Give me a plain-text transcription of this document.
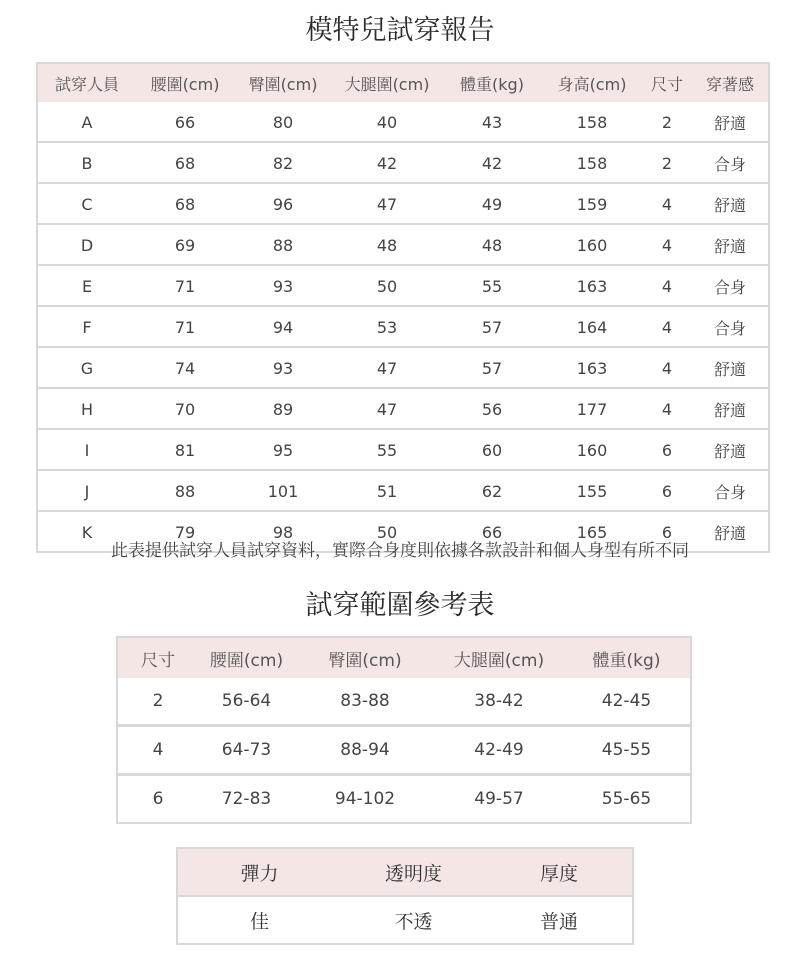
模特兒試穿報告
試穿人員	腰圍(cm)	臀圍(cm)	大腿圍(cm)	體重(kg)	身高(cm)	尺寸	穿著感
A	66	80	40	43	158	2	舒適
B	68	82	42	42	158	2	合身
C	68	96	47	49	159	4	舒適
D	69	88	48	48	160	4	舒適
E	71	93	50	55	163	4	合身
F	71	94	53	57	164	4	合身
G	74	93	47	57	163	4	舒適
H	70	89	47	56	177	4	舒適
I	81	95	55	60	160	6	舒適
J	88	101	51	62	155	6	合身
K	79	98	50	66	165	6	舒適
此表提供試穿人員試穿資料，實際合身度則依據各款設計和個人身型有所不同
試穿範圍參考表
尺寸	腰圍(cm)	臀圍(cm)	大腿圍(cm)	體重(kg)
2	56-64	83-88	38-42	42-45
4	64-73	88-94	42-49	45-55
6	72-83	94-102	49-57	55-65
彈力	透明度	厚度
佳	不透	普通
